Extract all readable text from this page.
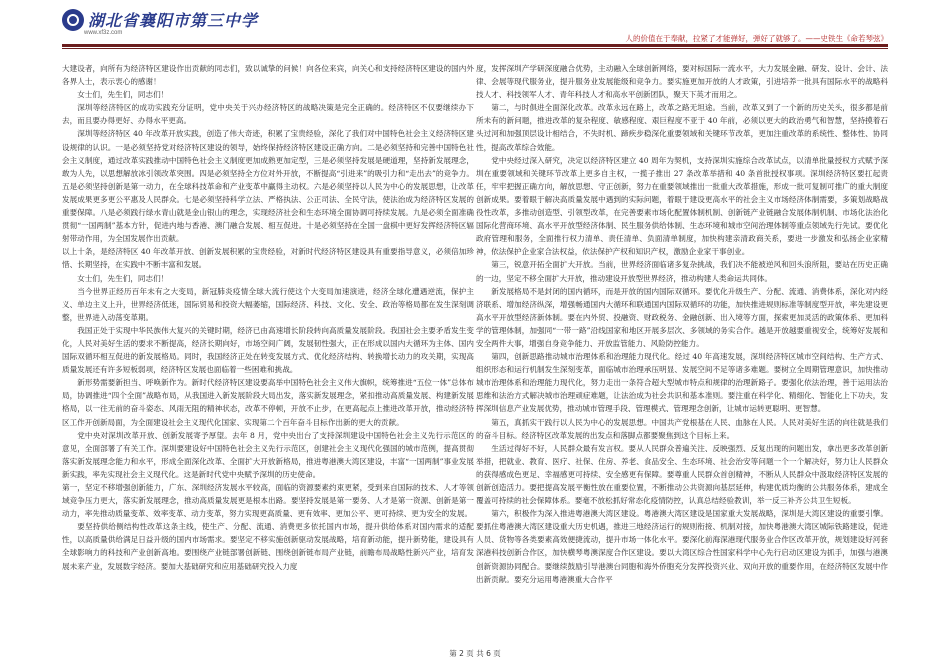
湖北省襄阳市第三中学
www.xf3z.com
人的价值在于奉献，拉紧了才能弹好，弹好了就够了。——史铁生《命若琴弦》

大建设者，向所有为经济特区建设作出贡献的同志们，致以诚挚的问候！向各位来宾，向关心和支持经济特区建设的国内外各界人士，表示衷心的感谢！

女士们，先生们，同志们！

深圳等经济特区的成功实践充分证明，党中央关于兴办经济特区的战略决策是完全正确的。经济特区不仅要继续办下去，而且要办得更好、办得水平更高。

深圳等经济特区 40 年改革开放实践，创造了伟大奇迹，积累了宝贵经验，深化了我们对中国特色社会主义经济特区建设规律的认识。一是必须坚持党对经济特区建设的领导，始终保持经济特区建设正确方向。二是必须坚持和完善中国特色社会主义制度，通过改革实践推动中国特色社会主义制度更加成熟更加定型，三是必须坚持发展是硬道理，坚持新发展理念，敢为人先，以思想解放冰引领改革突围。四是必须坚持全方位对外开放，不断提高“引进来”的吸引力和“走出去”的竞争力。五是必须坚持创新是第一动力，在全球科技革命和产业变革中赢得主动权。六是必须坚持以人民为中心的发展思想，让改革发展成果更多更公平惠及人民群众。七是必须坚持科学立法、严格执法、公正司法、全民守法，使法治成为经济特区发展的重要保障。八是必须践行绿水青山就是金山银山的理念，实现经济社会和生态环境全面协调可持续发展。九是必须全面准确贯彻“一国两制”基本方针，促进内地与香港、澳门融合发展、相互促进。十是必须坚持在全国一盘棋中更好发挥经济特区辐射带动作用，为全国发展作出贡献。

以上十条，是经济特区 40 年改革开放、创新发展积累的宝贵经验，对新时代经济特区建设具有重要指导意义，必须倍加珍惜、长期坚持，在实践中不断丰富和发展。

女士们，先生们，同志们！

当今世界正经历百年未有之大变局，新冠肺炎疫情全球大流行使这个大变局加速演进，经济全球化遭遇逆流，保护主义、单边主义上升，世界经济低迷，国际贸易和投资大幅萎缩，国际经济、科技、文化、安全、政治等格局都在发生深刻调整，世界进入动荡变革期。

我国正处于实现中华民族伟大复兴的关键时期，经济已由高速增长阶段转向高质量发展阶段。我国社会主要矛盾发生变化，人民对美好生活的要求不断提高，经济长期向好，市场空间广阔，发展韧性强大，正在形成以国内大循环为主体、国内国际双循环相互促进的新发展格局。同时，我国经济正处在转变发展方式、优化经济结构、转换增长动力的攻关期，实现高质量发展还有许多短板弱项，经济特区发展也面临着一些困难和挑战。

新形势需要新担当、呼唤新作为。新时代经济特区建设要高举中国特色社会主义伟大旗帜，统筹推进“五位一体”总体布局，协调推进“四个全面”战略布局，从我国进入新发展阶段大局出发，落实新发展理念，紧扣推动高质量发展、构建新发展格局，以一往无前的奋斗姿态、风雨无阻的精神状态，改革不停顿，开放不止步，在更高起点上推进改革开放，推动经济特区工作开创新局面，为全面建设社会主义现代化国家、实现第二个百年奋斗目标作出新的更大的贡献。

党中央对深圳改革开放、创新发展寄予厚望。去年 8 月，党中央出台了支持深圳建设中国特色社会主义先行示范区的意见，全面部署了有关工作。深圳要建设好中国特色社会主义先行示范区，创建社会主义现代化强国的城市范例，提高贯彻落实新发展理念能力和水平，形成全面深化改革、全面扩大开放新格局，推进粤港澳大湾区建设，丰富“一国两制”事业发展新实践，率先实现社会主义现代化。这是新时代党中央赋予深圳的历史使命。

第一，坚定不移增强创新能力，广东、深圳经济发展水平较高，面临的资源要素约束更紧，受到来自国际的技术、人才等领域竞争压力更大，落实新发展理念，推动高质量发展更是根本出路。要坚持发展是第一要务、人才是第一资源、创新是第一动力，率先推动质量变革、效率变革、动力变革，努力实现更高质量、更有效率、更加公平、更可持续、更为安全的发展。

要坚持供给侧结构性改革这条主线，使生产、分配、流通、消费更多依托国内市场，提升供给体系对国内需求的适配性，以高质量供给满足日益升级的国内市场需求。要坚定不移实施创新驱动发展战略，培育新动能，提升新势能，建设具有全球影响力的科技和产业创新高地。要围绕产业链部署创新链、围绕创新链布局产业链，前瞻布局战略性新兴产业，培育发展未来产业，发展数字经济。要加大基础研究和应用基础研究投入力度

度，发挥深圳产学研深度融合优势，主动融入全球创新网络，要对标国际一流水平，大力发展金融、研发、设计、会计、法律、会展等现代服务业，提升服务业发展能级和竞争力。要实施更加开放的人才政策，引进培养一批具有国际水平的战略科技人才、科技领军人才、青年科技人才和高水平创新团队，聚天下英才而用之。

第二，与时俱进全面深化改革。改革永远在路上，改革之路无坦途。当前，改革又到了一个新的历史关头，很多都是前所未有的新问题，推进改革的复杂程度、敏感程度、艰巨程度不亚于 40 年前，必须以更大的政治勇气和智慧，坚持摸着石头过河和加强顶层设计相结合，不失时机、蹄疾步稳深化重要领域和关键环节改革，更加注重改革的系统性、整体性、协同性，提高改革综合效能。

党中央经过深入研究，决定以经济特区建立 40 周年为契机，支持深圳实施综合改革试点，以清单批量授权方式赋予深圳在重要领域和关键环节改革上更多自主权，一揽子推出 27 条改革举措和 40 条首批授权事项。深圳经济特区要扛起责任，牢牢把握正确方向，解放思想、守正创新，努力在重要领域推出一批重大改革措施，形成一批可复制可推广的重大制度创新成果。要着眼于解决高质量发展中遇到的实际问题，着眼于建设更高水平的社会主义市场经济体制需要，多策划战略战役性改革，多推动创造型、引领型改革，在完善要素市场化配置体制机制、创新链产业链融合发展体制机制、市场化法治化国际化营商环境、高水平开放型经济体制、民生服务供给体制、生态环境和城市空间治理体制等重点领域先行先试。要优化政府管理和服务，全面推行权力清单、责任清单、负面清单制度，加快构建亲清政商关系，要进一步激发和弘扬企业家精神，依法保护企业家合法权益，依法保护产权和知识产权，激励企业家干事创业。

第三，锐意开拓全面扩大开放。当前，世界经济面临诸多复杂挑战，我们决不能被逆风和回头浪所阻，要站在历史正确的一边，坚定不移全面扩大开放，推动建设开放型世界经济，推动构建人类命运共同体。

新发展格局不是封闭的国内循环，而是开放的国内国际双循环。要优化升级生产、分配、流通、消费体系，深化对内经济联系、增加经济纵深，增强畅通国内大循环和联通国内国际双循环的功能，加快推进规则标准等制度型开放，率先建设更高水平开放型经济新体制。要在内外贸、投融资、财政税务、金融创新、出入境等方面，探索更加灵活的政策体系、更加科学的管理体制，加强同“一带一路”沿线国家和地区开展多层次、多领域的务实合作。越是开放越要重视安全，统筹好发展和安全两件大事，增强自身竞争能力、开放监管能力、风险防控能力。

第四，创新思路推动城市治理体系和治理能力现代化。经过 40 年高速发展，深圳经济特区城市空间结构、生产方式、组织形态和运行机制发生深刻变革，面临城市治理承压明显、发展空间不足等诸多难题。要树立全周期管理意识，加快推动城市治理体系和治理能力现代化，努力走出一条符合超大型城市特点和规律的治理新路子。要强化依法治理，善于运用法治思维和法治方式解决城市治理顽症难题，让法治成为社会共识和基本准则。要注重在科学化、精细化、智能化上下功夫，发挥深圳信息产业发展优势，推动城市管理手段、管理模式、管理理念创新，让城市运转更聪明、更智慧。

第五，真抓实干践行以人民为中心的发展思想。中国共产党根基在人民、血脉在人民。人民对美好生活的向往就是我们的奋斗目标。经济特区改革发展的出发点和落脚点都要聚焦到这个目标上来。

生活过得好不好，人民群众最有发言权。要从人民群众普遍关注、反映强烈、反复出现的问题出发，拿出更多改革创新举措，把就业、教育、医疗、社保、住房、养老、食品安全、生态环境、社会治安等问题一个一个解决好，努力让人民群众的获得感成色更足、幸福感更可持续、安全感更有保障。要尊重人民群众首创精神，不断从人民群众中汲取经济特区发展的创新创造活力。要把提高发展平衡性放在重要位置，不断推动公共资源向基层延伸，构建优质均衡的公共服务体系，建成全覆盖可持续的社会保障体系。要毫不放松抓好常态化疫情防控，认真总结经验教训，举一反三补齐公共卫生短板。

第六，积极作为深入推进粤港澳大湾区建设。粤港澳大湾区建设是国家重大发展战略，深圳是大湾区建设的重要引擎。要抓住粤港澳大湾区建设重大历史机遇，推进三地经济运行的规则衔接、机制对接，加快粤港澳大湾区城际铁路建设，促进人员、货物等各类要素高效便捷流动，提升市场一体化水平。要深化前海深港现代服务业合作区改革开放，规划建设好河套深港科技创新合作区，加快横琴粤澳深度合作区建设。要以大湾区综合性国家科学中心先行启动区建设为抓手，加强与港澳创新资源协同配合。要继续鼓励引导港澳台同胞和海外侨胞充分发挥投资兴业、双向开放的重要作用，在经济特区发展中作出新贡献。要充分运用粤港澳重大合作平

第 2 页 共 6 页
